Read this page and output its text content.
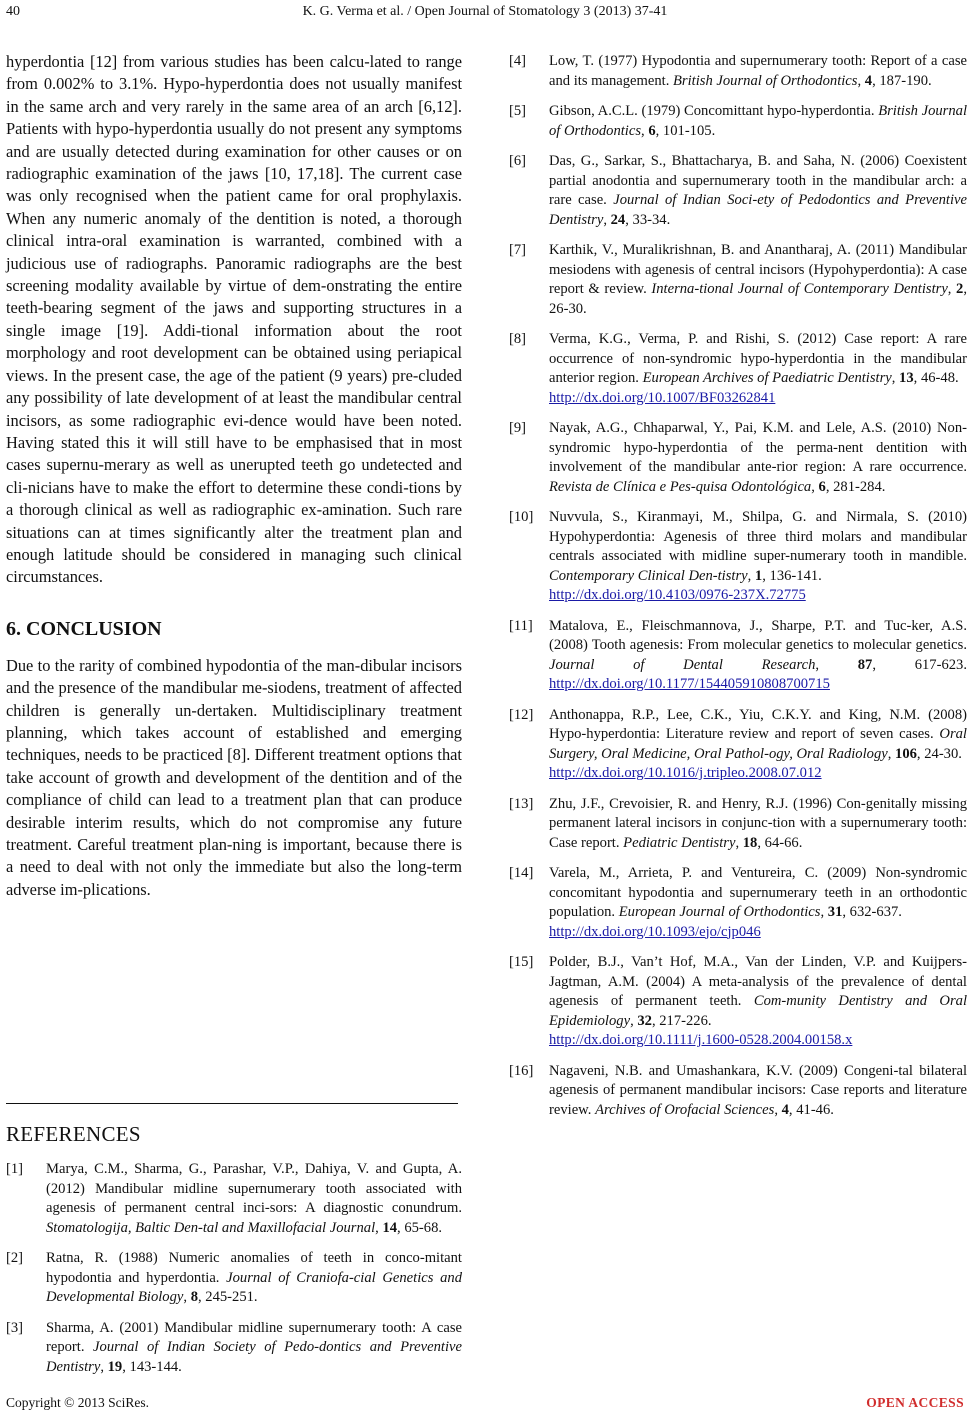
40	K. G. Verma et al. / Open Journal of Stomatology 3 (2013) 37-41

hyperdontia [12] from various studies has been calcu-lated to range from 0.002% to 3.1%. Hypo-hyperdontia does not usually manifest in the same arch and very rarely in the same area of an arch [6,12]. Patients with hypo-hyperdontia usually do not present any symptoms and are usually detected during examination for other causes or on radiographic examination of the jaws [10, 17,18]. The current case was only recognised when the patient came for oral prophylaxis. When any numeric anomaly of the dentition is noted, a thorough clinical intra-oral examination is warranted, combined with a judicious use of radiographs. Panoramic radiographs are the best screening modality available by virtue of dem-onstrating the entire teeth-bearing segment of the jaws and supporting structures in a single image [19]. Addi-tional information about the root morphology and root development can be obtained using periapical views. In the present case, the age of the patient (9 years) pre-cluded any possibility of late development of at least the mandibular central incisors, as some radiographic evi-dence would have been noted. Having stated this it will still have to be emphasised that in most cases supernu-merary as well as unerupted teeth go undetected and cli-nicians have to make the effort to determine these condi-tions by a thorough clinical as well as radiographic ex-amination. Such rare situations can at times significantly alter the treatment plan and enough latitude should be considered in managing such clinical circumstances.

6. CONCLUSION

Due to the rarity of combined hypodontia of the man-dibular incisors and the presence of the mandibular me-siodens, treatment of affected children is generally un-dertaken. Multidisciplinary treatment planning, which takes account of established and emerging techniques, needs to be practiced [8]. Different treatment options that take account of growth and development of the dentition and of the compliance of child can lead to a treatment plan that can produce desirable interim results, which do not compromise any future treatment. Careful treatment plan-ning is important, because there is a need to deal with not only the immediate but also the long-term adverse im-plications.

REFERENCES
[1] Marya, C.M., Sharma, G., Parashar, V.P., Dahiya, V. and Gupta, A. (2012) Mandibular midline supernumerary tooth associated with agenesis of permanent central inci-sors: A diagnostic conundrum. Stomatologija, Baltic Den-tal and Maxillofacial Journal, 14, 65-68.
[2] Ratna, R. (1988) Numeric anomalies of teeth in conco-mitant hypodontia and hyperdontia. Journal of Craniofa-cial Genetics and Developmental Biology, 8, 245-251.
[3] Sharma, A. (2001) Mandibular midline supernumerary tooth: A case report. Journal of Indian Society of Pedo-dontics and Preventive Dentistry, 19, 143-144.
[4] Low, T. (1977) Hypodontia and supernumerary tooth: Report of a case and its management. British Journal of Orthodontics, 4, 187-190.
[5] Gibson, A.C.L. (1979) Concomittant hypo-hyperdontia. British Journal of Orthodontics, 6, 101-105.
[6] Das, G., Sarkar, S., Bhattacharya, B. and Saha, N. (2006) Coexistent partial anodontia and supernumerary tooth in the mandibular arch: a rare case. Journal of Indian Soci-ety of Pedodontics and Preventive Dentistry, 24, 33-34.
[7] Karthik, V., Muralikrishnan, B. and Anantharaj, A. (2011) Mandibular mesiodens with agenesis of central incisors (Hypohyperdontia): A case report & review. Interna-tional Journal of Contemporary Dentistry, 2, 26-30.
[8] Verma, K.G., Verma, P. and Rishi, S. (2012) Case report: A rare occurrence of non-syndromic hypo-hyperdontia in the mandibular anterior region. European Archives of Paediatric Dentistry, 13, 46-48.
http://dx.doi.org/10.1007/BF03262841
[9] Nayak, A.G., Chhaparwal, Y., Pai, K.M. and Lele, A.S. (2010) Non-syndromic hypo-hyperdontia of the perma-nent dentition with involvement of the mandibular ante-rior region: A rare occurrence. Revista de Clínica e Pes-quisa Odontológica, 6, 281-284.
[10] Nuvvula, S., Kiranmayi, M., Shilpa, G. and Nirmala, S. (2010) Hypohyperdontia: Agenesis of three third molars and mandibular centrals associated with midline super-numerary tooth in mandible. Contemporary Clinical Den-tistry, 1, 136-141.
http://dx.doi.org/10.4103/0976-237X.72775
[11] Matalova, E., Fleischmannova, J., Sharpe, P.T. and Tuc-ker, A.S. (2008) Tooth agenesis: From molecular genetics to molecular genetics. Journal of Dental Research, 87, 617-623. http://dx.doi.org/10.1177/154405910808700715
[12] Anthonappa, R.P., Lee, C.K., Yiu, C.K.Y. and King, N.M. (2008) Hypo-hyperdontia: Literature review and report of seven cases. Oral Surgery, Oral Medicine, Oral Pathol-ogy, Oral Radiology, 106, 24-30.
http://dx.doi.org/10.1016/j.tripleo.2008.07.012
[13] Zhu, J.F., Crevoisier, R. and Henry, R.J. (1996) Con-genitally missing permanent lateral incisors in conjunc-tion with a supernumerary tooth: Case report. Pediatric Dentistry, 18, 64-66.
[14] Varela, M., Arrieta, P. and Ventureira, C. (2009) Non-syndromic concomitant hypodontia and supernumerary teeth in an orthodontic population. European Journal of Orthodontics, 31, 632-637.
http://dx.doi.org/10.1093/ejo/cjp046
[15] Polder, B.J., Van’t Hof, M.A., Van der Linden, V.P. and Kuijpers-Jagtman, A.M. (2004) A meta-analysis of the prevalence of dental agenesis of permanent teeth. Com-munity Dentistry and Oral Epidemiology, 32, 217-226.
http://dx.doi.org/10.1111/j.1600-0528.2004.00158.x
[16] Nagaveni, N.B. and Umashankara, K.V. (2009) Congeni-tal bilateral agenesis of permanent mandibular incisors: Case reports and literature review. Archives of Orofacial Sciences, 4, 41-46.
Copyright © 2013 SciRes.	OPEN ACCESS
